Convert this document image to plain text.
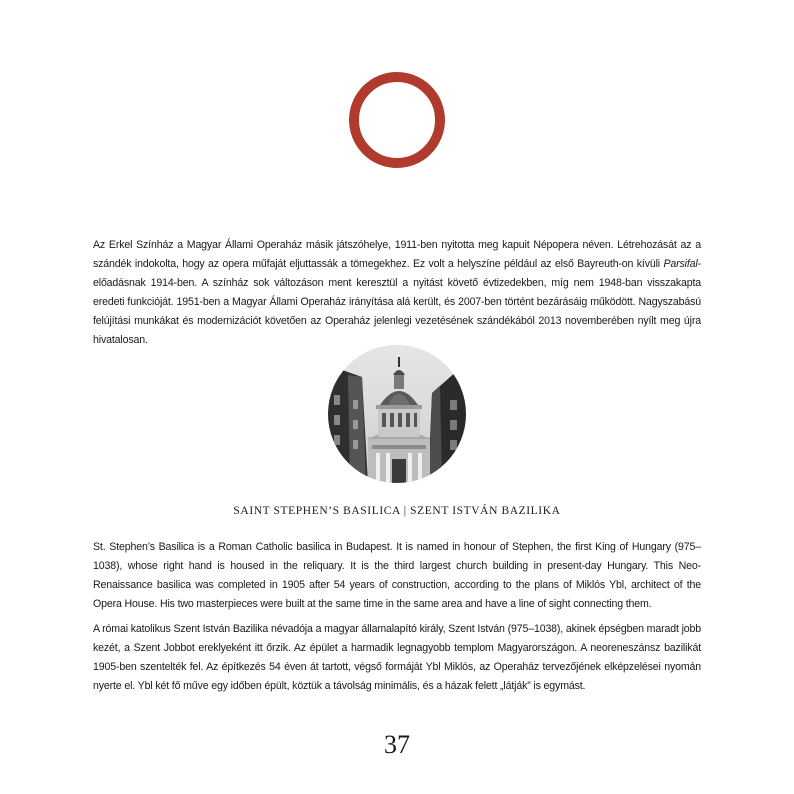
Az Erkel Színház a Magyar Állami Operaház másik játszóhelye, 1911-ben nyitotta meg kapuit Népopera néven. Létrehozását az a szándék indokolta, hogy az opera műfaját eljuttassák a tömegekhez. Ez volt a helyszíne például az első Bayreuth-on kívüli Parsifal-előadásnak 1914-ben. A színház sok változáson ment keresztül a nyitást követő évtizedekben, míg nem 1948-ban visszakapta eredeti funkcióját. 1951-ben a Magyar Állami Operaház irányítása alá került, és 2007-ben történt bezárásáig működött. Nagyszabású felújítási munkákat és modernizációt követően az Operaház jelenlegi vezetésének szándékából 2013 novemberében nyílt meg újra hivatalosan.

SAINT STEPHEN’S BASILICA | SZENT ISTVÁN BAZILIKA

St. Stephen’s Basilica is a Roman Catholic basilica in Budapest. It is named in honour of Stephen, the first King of Hungary (975–1038), whose right hand is housed in the reliquary. It is the third largest church building in present-day Hungary. This Neo-Renaissance basilica was completed in 1905 after 54 years of construction, according to the plans of Miklós Ybl, architect of the Opera House. His two masterpieces were built at the same time in the same area and have a line of sight connecting them.

A római katolikus Szent István Bazilika névadója a magyar államalapító király, Szent István (975–1038), akinek épségben maradt jobb kezét, a Szent Jobbot ereklyeként itt őrzik. Az épület a harmadik legnagyobb templom Magyarországon. A neoreneszánsz bazilikát 1905-ben szentelték fel. Az építkezés 54 éven át tartott, végső formáját Ybl Miklós, az Operaház tervezőjének elképzelései nyomán nyerte el. Ybl két fő műve egy időben épült, köztük a távolság minimális, és a házak felett „látják” is egymást.

37
